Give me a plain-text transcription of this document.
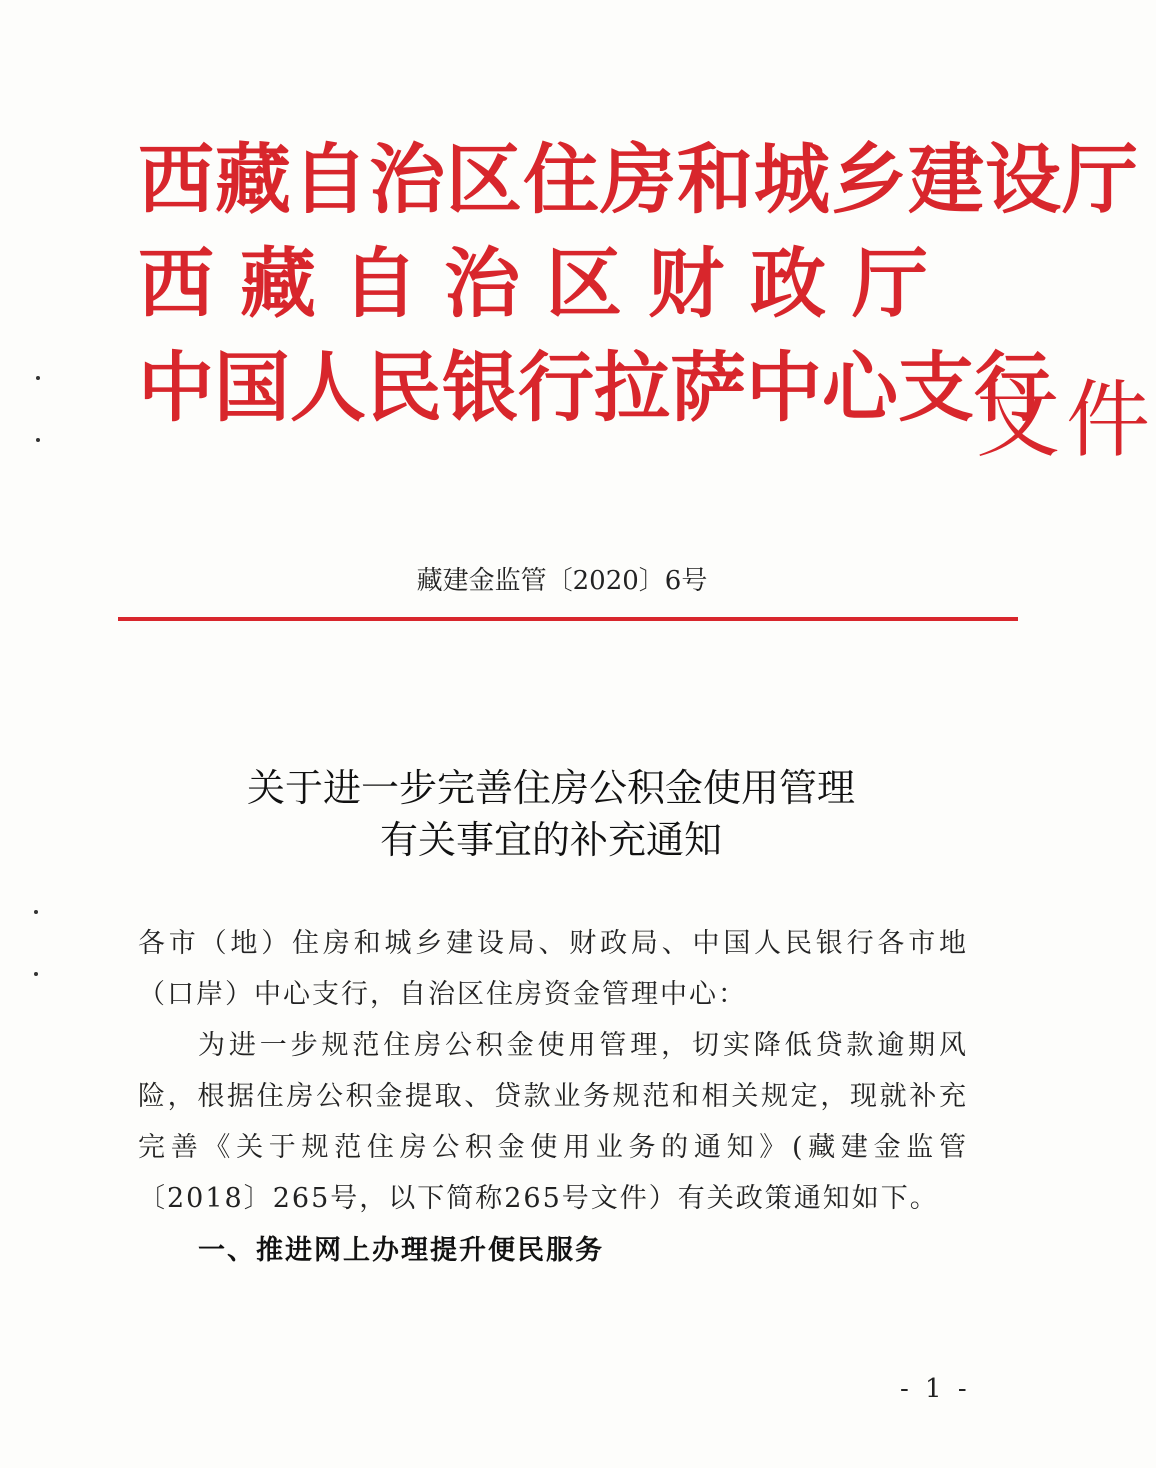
西藏自治区住房和城乡建设厅
西藏自治区财政厅
中国人民银行拉萨中心支行
文件
藏建金监管〔2020〕6号
关于进一步完善住房公积金使用管理
有关事宜的补充通知

各市（地）住房和城乡建设局、财政局、中国人民银行各市地（口岸）中心支行，自治区住房资金管理中心：

为进一步规范住房公积金使用管理，切实降低贷款逾期风险，根据住房公积金提取、贷款业务规范和相关规定，现就补充完善《关于规范住房公积金使用业务的通知》(藏建金监管〔2018〕265号，以下简称265号文件）有关政策通知如下。

一、推进网上办理提升便民服务
- 1 -
